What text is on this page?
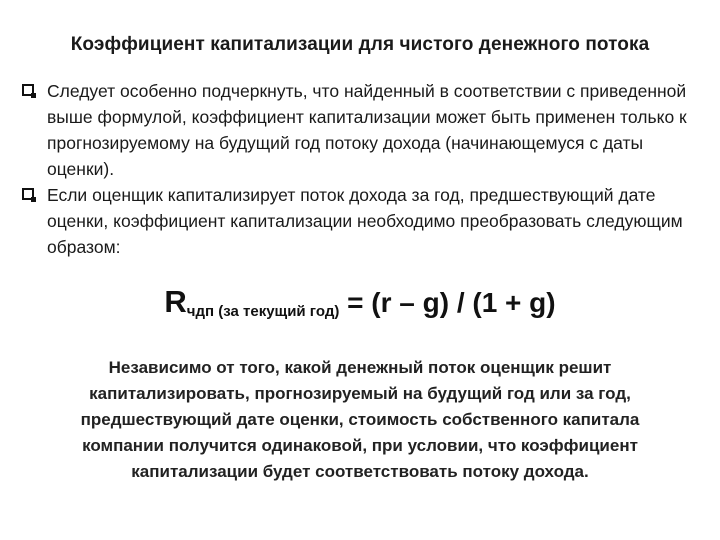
Коэффициент капитализации для чистого денежного потока
Следует особенно подчеркнуть, что найденный в соответствии с приведенной выше формулой, коэффициент капитализации может быть применен только к прогнозируемому на будущий год потоку дохода (начинающемуся с даты оценки).
Если оценщик капитализирует поток дохода за год, предшествующий дате оценки, коэффициент капитализации необходимо преобразовать следующим образом:
Rчдп (за текущий год) = (r – g) / (1 + g)
Независимо от того, какой денежный поток оценщик решит капитализировать, прогнозируемый на будущий год или за год, предшествующий дате оценки, стоимость собственного капитала компании получится одинаковой, при условии, что коэффициент капитализации будет соответствовать потоку дохода.
